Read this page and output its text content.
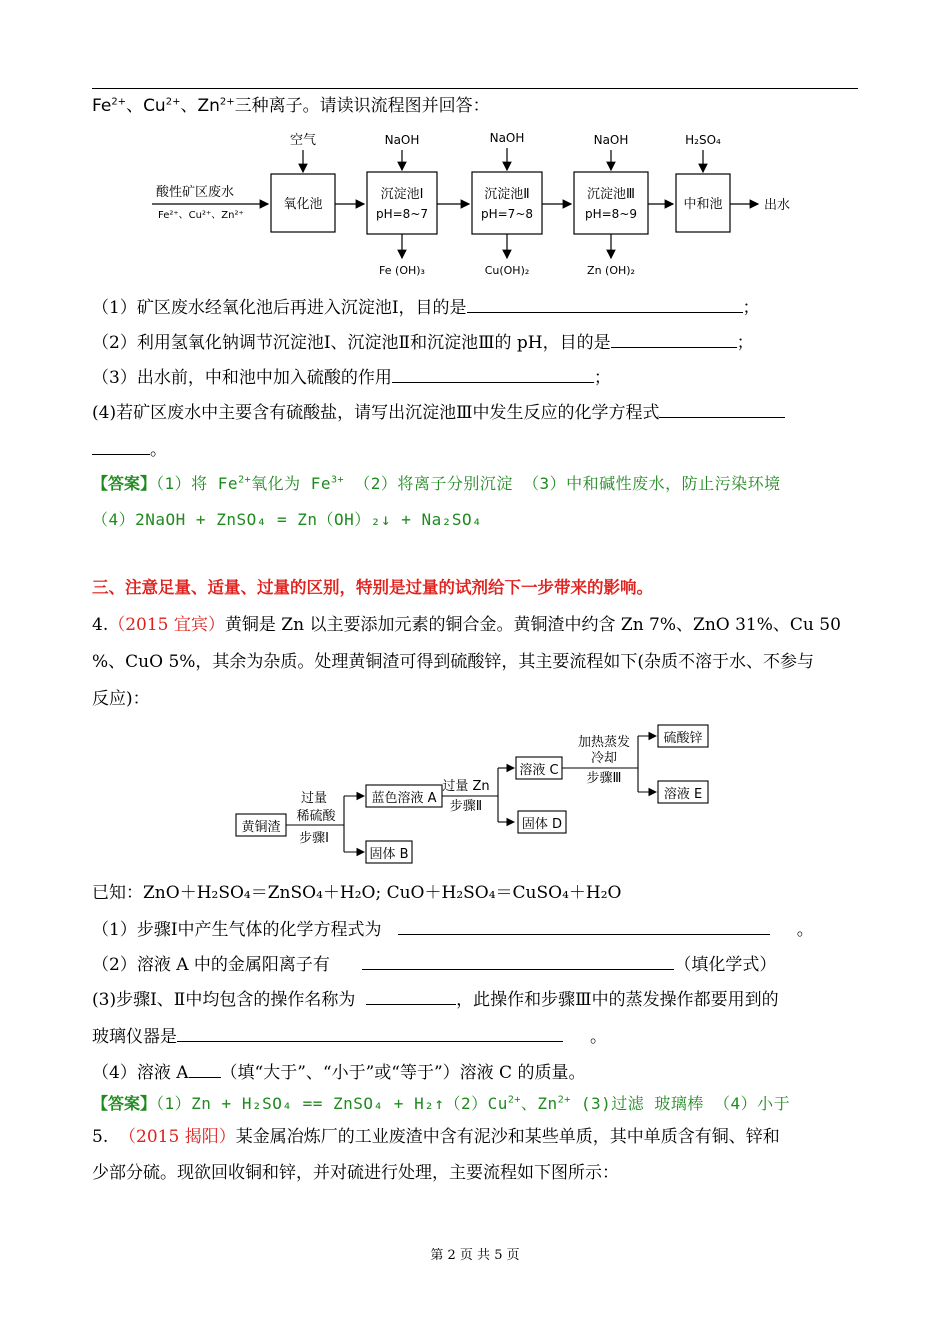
$Fe^{2+}$、$Cu^{2+}$、$Zn^{2+}$三种离子。请读识流程图并回答：
酸性矿区废水
Fe²⁺、Cu²⁺、Zn²⁺
氧化池
空气
沉淀池Ⅰ
pH=8~7
NaOH
Fe (OH)₃
沉淀池Ⅱ
pH=7~8
NaOH
Cu(OH)₂
沉淀池Ⅲ
pH=8~9
NaOH
Zn (OH)₂
中和池
H₂SO₄
出水
（1）矿区废水经氧化池后再进入沉淀池Ⅰ，目的是	；
（2）利用氢氧化钠调节沉淀池Ⅰ、沉淀池Ⅱ和沉淀池Ⅲ的 pH，目的是	；
（3）出水前，中和池中加入硫酸的作用	；
(4)若矿区废水中主要含有硫酸盐，请写出沉淀池Ⅲ中发生反应的化学方程式
。
【答案】（1）将 $Fe^{2+}$氧化为 $Fe^{3+}$ （2）将离子分别沉淀 （3）中和碱性废水，防止污染环境
（4）2NaOH + ZnSO₄ = Zn（OH）₂↓ + Na₂SO₄
三、注意足量、适量、过量的区别，特别是过量的试剂给下一步带来的影响。
4.（2015 宜宾）黄铜是 Zn 以主要添加元素的铜合金。黄铜渣中约含 Zn 7%、ZnO 31%、Cu 50
%、CuO 5%，其余为杂质。处理黄铜渣可得到硫酸锌，其主要流程如下(杂质不溶于水、不参与
反应)：
黄铜渣
过量
稀硫酸
步骤Ⅰ
蓝色溶液 A
固体 B
过量 Zn
步骤Ⅱ
溶液 C
固体 D
加热蒸发
冷却
步骤Ⅲ
硫酸锌
溶液 E
已知：ZnO＋H₂SO₄＝ZnSO₄＋H₂O; CuO＋H₂SO₄＝CuSO₄＋H₂O
（1）步骤Ⅰ中产生气体的化学方程式为	。
（2）溶液 A 中的金属阳离子有	（填化学式）
(3)步骤Ⅰ、Ⅱ中均包含的操作名称为	，此操作和步骤Ⅲ中的蒸发操作都要用到的
玻璃仪器是	。
（4）溶液 A （填“大于”、“小于”或“等于”）溶液 C 的质量。
【答案】（1）Zn + H₂SO₄ == ZnSO₄ + $H_2↑(2)Cu^{2+}$、$Zn^{2+}$ (3)过滤 玻璃棒 （4）小于
5. （2015 揭阳）某金属冶炼厂的工业废渣中含有泥沙和某些单质，其中单质含有铜、锌和
少部分硫。现欲回收铜和锌，并对硫进行处理，主要流程如下图所示：
第 2 页 共 5 页
